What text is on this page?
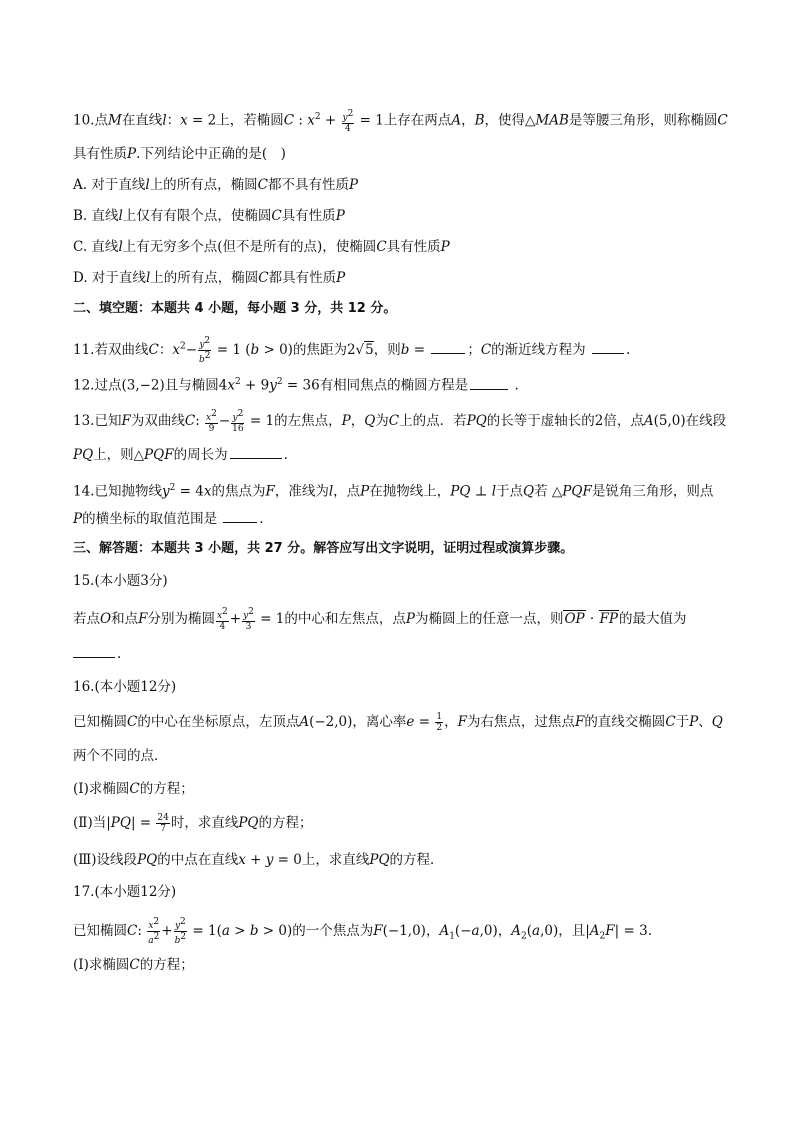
10.点M在直线l：x = 2上，若椭圆C : $x^2 + \frac{y^2}{4} = 1$上存在两点A，B，使得△MAB是等腰三角形，则称椭圆C
具有性质P.下列结论中正确的是(　)
A. 对于直线l上的所有点，椭圆C都不具有性质P
B. 直线l上仅有有限个点，使椭圆C具有性质P
C. 直线l上有无穷多个点(但不是所有的点)，使椭圆C具有性质P
D. 对于直线l上的所有点，椭圆C都具有性质P
二、填空题：本题共 4 小题，每小题 3 分，共 12 分。
11.若双曲线C：$x^2- \frac{y^2}{b^2} = 1$ (b > 0)的焦距为2√5，则b =	；C的渐近线方程为	.
12.过点(3,−2)且与椭圆$4x^2 + 9y^2 = 36$有相同焦点的椭圆方程是	.
13.已知F为双曲线C: $\frac{x^2}{9} - \frac{y^2}{16} = 1$的左焦点，P，Q为C上的点．若PQ的长等于虚轴长的2倍，点A(5,0)在线段
PQ上，则△PQF的周长为	.
14.已知抛物线$y^2 = 4x$的焦点为F，准线为l，点P在抛物线上，PQ ⊥ l于点Q若 △PQF是锐角三角形，则点
P的横坐标的取值范围是	.
三、解答题：本题共 3 小题，共 27 分。解答应写出文字说明，证明过程或演算步骤。
15.(本小题3分)
若点O和点F分别为椭圆 $\frac{x^2}{4} + \frac{y^2}{3} = 1$的中心和左焦点，点P为椭圆上的任意一点，则OP · FP的最大值为
.
16.(本小题12分)
已知椭圆C的中心在坐标原点，左顶点A(−2,0)，离心率$e = \frac{1}{2}$ ，F为右焦点，过焦点F的直线交椭圆C于P、Q
两个不同的点．
(Ⅰ)求椭圆C的方程；
(Ⅱ)当$|PQ| = \frac{24}{7}$ 时，求直线PQ的方程；
(Ⅲ)设线段PQ的中点在直线x + y = 0上，求直线PQ的方程．
17.(本小题12分)
已知椭圆C: $\frac{x^2}{a^2} + \frac{y^2}{b^2} = 1(a > b > 0)$的一个焦点为F(−1,0)，$A_1(-a,0)$，$A_2(a,0)$，且$|A_2F| = 3$.
(Ⅰ)求椭圆C的方程；
